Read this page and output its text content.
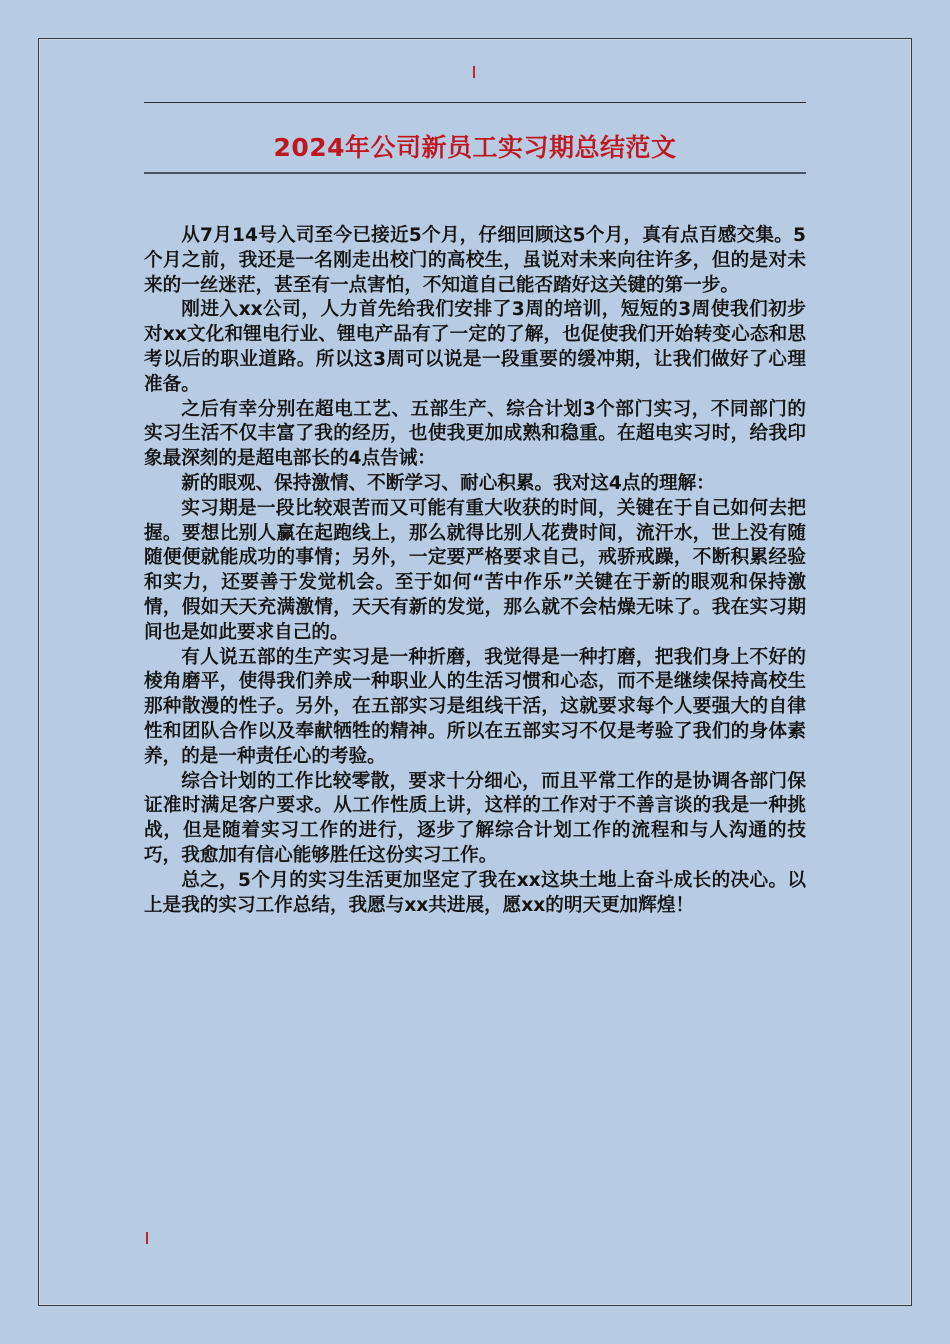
2024年公司新员工实习期总结范文

从7月14号入司至今已接近5个月，仔细回顾这5个月，真有点百感交集。5个月之前，我还是一名刚走出校门的高校生，虽说对未来向往许多，但的是对未来的一丝迷茫，甚至有一点害怕，不知道自己能否踏好这关键的第一步。

刚进入xx公司，人力首先给我们安排了3周的培训，短短的3周使我们初步对xx文化和锂电行业、锂电产品有了一定的了解，也促使我们开始转变心态和思考以后的职业道路。所以这3周可以说是一段重要的缓冲期，让我们做好了心理准备。

之后有幸分别在超电工艺、五部生产、综合计划3个部门实习，不同部门的实习生活不仅丰富了我的经历，也使我更加成熟和稳重。在超电实习时，给我印象最深刻的是超电部长的4点告诫：

新的眼观、保持激情、不断学习、耐心积累。我对这4点的理解：

实习期是一段比较艰苦而又可能有重大收获的时间，关键在于自己如何去把握。要想比别人赢在起跑线上，那么就得比别人花费时间，流汗水，世上没有随随便便就能成功的事情；另外，一定要严格要求自己，戒骄戒躁，不断积累经验和实力，还要善于发觉机会。至于如何“苦中作乐”关键在于新的眼观和保持激情，假如天天充满激情，天天有新的发觉，那么就不会枯燥无味了。我在实习期间也是如此要求自己的。

有人说五部的生产实习是一种折磨，我觉得是一种打磨，把我们身上不好的棱角磨平，使得我们养成一种职业人的生活习惯和心态，而不是继续保持高校生那种散漫的性子。另外，在五部实习是组线干活，这就要求每个人要强大的自律性和团队合作以及奉献牺牲的精神。所以在五部实习不仅是考验了我们的身体素养，的是一种责任心的考验。

综合计划的工作比较零散，要求十分细心，而且平常工作的是协调各部门保证准时满足客户要求。从工作性质上讲，这样的工作对于不善言谈的我是一种挑战，但是随着实习工作的进行，逐步了解综合计划工作的流程和与人沟通的技巧，我愈加有信心能够胜任这份实习工作。

总之，5个月的实习生活更加坚定了我在xx这块土地上奋斗成长的决心。以上是我的实习工作总结，我愿与xx共进展，愿xx的明天更加辉煌！
